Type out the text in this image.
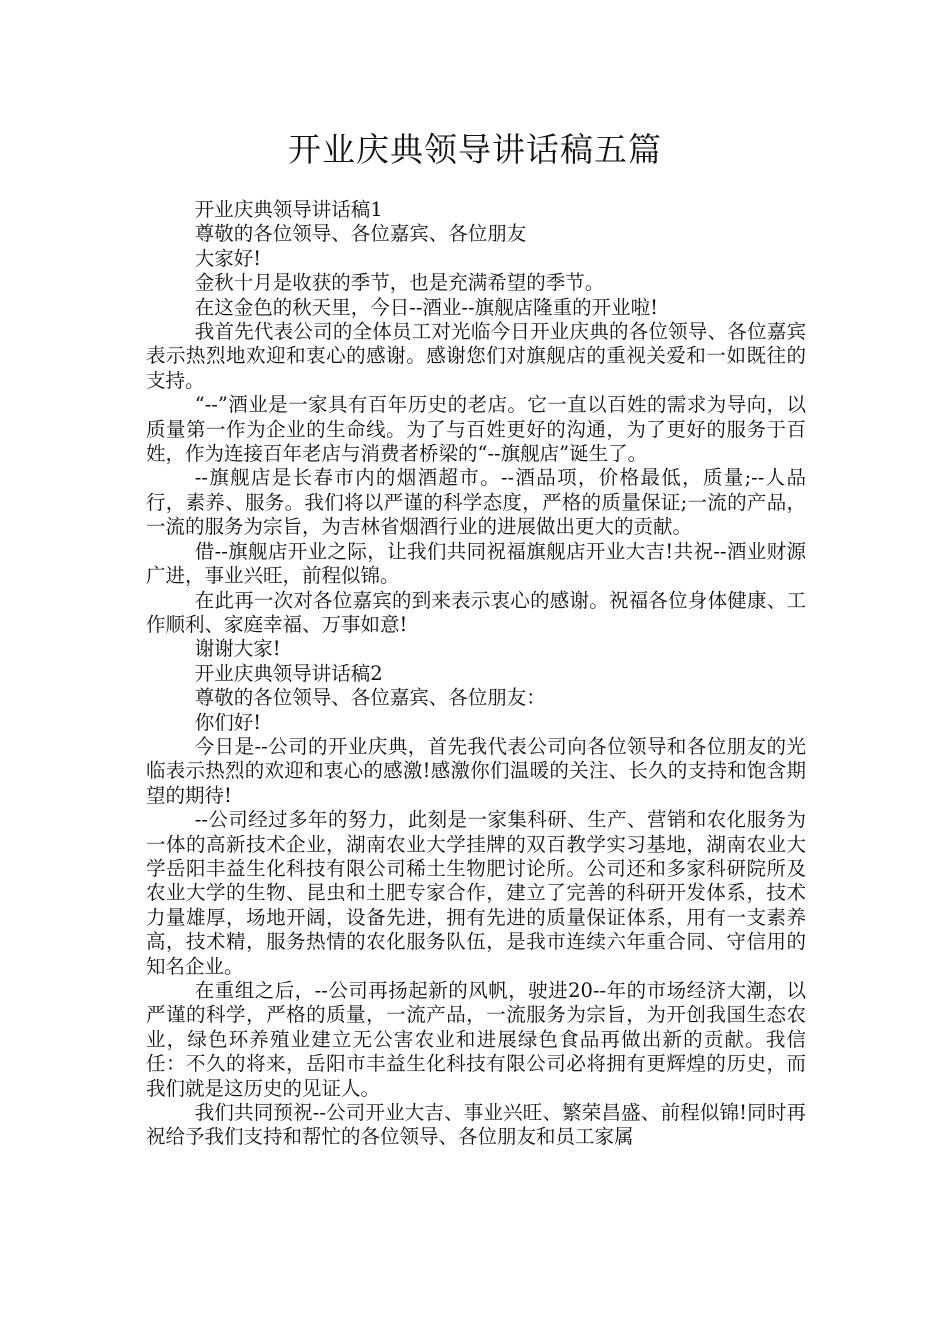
开业庆典领导讲话稿五篇

开业庆典领导讲话稿1

尊敬的各位领导、各位嘉宾、各位朋友

大家好!

金秋十月是收获的季节，也是充满希望的季节。

在这金色的秋天里，今日--酒业--旗舰店隆重的开业啦!

我首先代表公司的全体员工对光临今日开业庆典的各位领导、各位嘉宾表示热烈地欢迎和衷心的感谢。感谢您们对旗舰店的重视关爱和一如既往的支持。

“--”酒业是一家具有百年历史的老店。它一直以百姓的需求为导向，以质量第一作为企业的生命线。为了与百姓更好的沟通，为了更好的服务于百姓，作为连接百年老店与消费者桥梁的“--旗舰店”诞生了。

--旗舰店是长春市内的烟酒超市。--酒品项，价格最低，质量;--人品行，素养、服务。我们将以严谨的科学态度，严格的质量保证;一流的产品，一流的服务为宗旨，为吉林省烟酒行业的进展做出更大的贡献。

借--旗舰店开业之际，让我们共同祝福旗舰店开业大吉!共祝--酒业财源广进，事业兴旺，前程似锦。

在此再一次对各位嘉宾的到来表示衷心的感谢。祝福各位身体健康、工作顺利、家庭幸福、万事如意!

谢谢大家!

开业庆典领导讲话稿2

尊敬的各位领导、各位嘉宾、各位朋友：

你们好!

今日是--公司的开业庆典，首先我代表公司向各位领导和各位朋友的光临表示热烈的欢迎和衷心的感激!感激你们温暖的关注、长久的支持和饱含期望的期待!

--公司经过多年的努力，此刻是一家集科研、生产、营销和农化服务为一体的高新技术企业，湖南农业大学挂牌的双百教学实习基地，湖南农业大学岳阳丰益生化科技有限公司稀土生物肥讨论所。公司还和多家科研院所及农业大学的生物、昆虫和土肥专家合作，建立了完善的科研开发体系，技术力量雄厚，场地开阔，设备先进，拥有先进的质量保证体系，用有一支素养高，技术精，服务热情的农化服务队伍，是我市连续六年重合同、守信用的知名企业。

在重组之后，--公司再扬起新的风帆，驶进20--年的市场经济大潮，以严谨的科学，严格的质量，一流产品，一流服务为宗旨，为开创我国生态农业，绿色环养殖业建立无公害农业和进展绿色食品再做出新的贡献。我信任：不久的将来，岳阳市丰益生化科技有限公司必将拥有更辉煌的历史，而我们就是这历史的见证人。

我们共同预祝--公司开业大吉、事业兴旺、繁荣昌盛、前程似锦!同时再祝给予我们支持和帮忙的各位领导、各位朋友和员工家属
